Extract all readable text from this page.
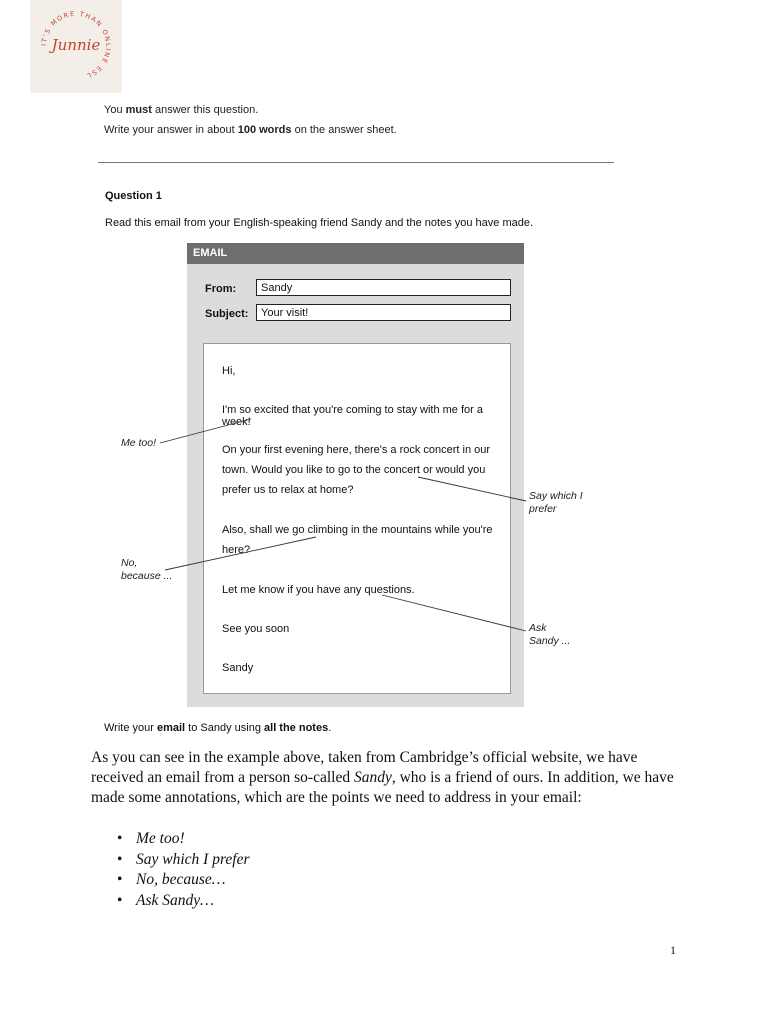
IT'S MORE THAN ONLINE ESL
Junnie
You must answer this question.
Write your answer in about 100 words on the answer sheet.
Question 1
Read this email from your English-speaking friend Sandy and the notes you have made.
EMAIL
From:	Sandy
Subject:	Your visit!
Hi,
I'm so excited that you're coming to stay with me for a week!
On your first evening here, there's a rock concert in our
town. Would you like to go to the concert or would you
prefer us to relax at home?
Also, shall we go climbing in the mountains while you're
here?
Let me know if you have any questions.
See you soon
Sandy
Me too!
Say which I
prefer
No,
because ...
Ask
Sandy ...
Write your email to Sandy using all the notes.
As you can see in the example above, taken from Cambridge’s official website, we have received an email from a person so-called Sandy, who is a friend of ours. In addition, we have made some annotations, which are the points we need to address in your email:
• Me too!
• Say which I prefer
• No, because…
• Ask Sandy…
1
